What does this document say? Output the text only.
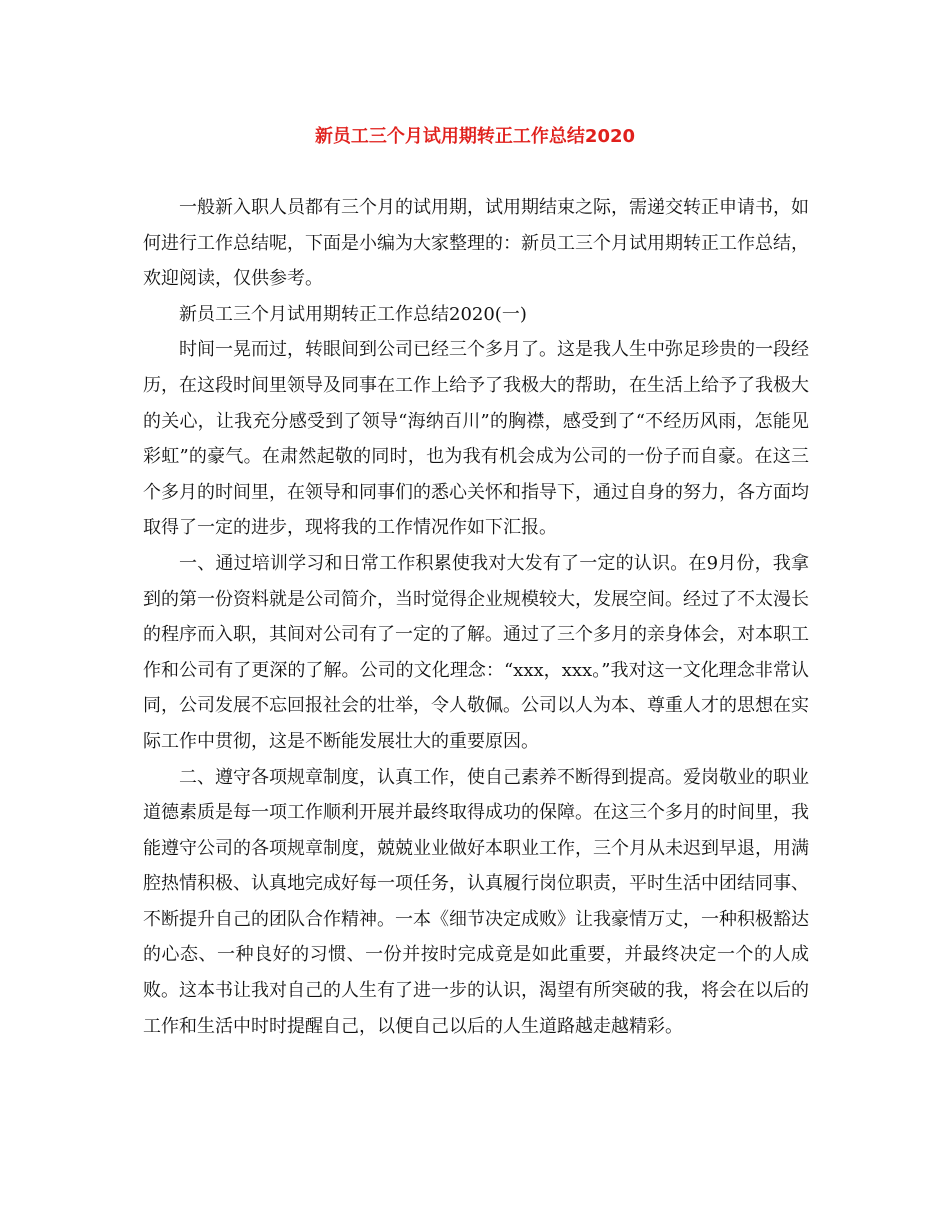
新员工三个月试用期转正工作总结2020

一般新入职人员都有三个月的试用期，试用期结束之际，需递交转正申请书，如何进行工作总结呢，下面是小编为大家整理的：新员工三个月试用期转正工作总结，欢迎阅读，仅供参考。

新员工三个月试用期转正工作总结2020(一)

时间一晃而过，转眼间到公司已经三个多月了。这是我人生中弥足珍贵的一段经历，在这段时间里领导及同事在工作上给予了我极大的帮助，在生活上给予了我极大的关心，让我充分感受到了领导“海纳百川”的胸襟，感受到了“不经历风雨，怎能见彩虹”的豪气。在肃然起敬的同时，也为我有机会成为公司的一份子而自豪。在这三个多月的时间里，在领导和同事们的悉心关怀和指导下，通过自身的努力，各方面均取得了一定的进步，现将我的工作情况作如下汇报。

一、通过培训学习和日常工作积累使我对大发有了一定的认识。在9月份，我拿到的第一份资料就是公司简介，当时觉得企业规模较大，发展空间。经过了不太漫长的程序而入职，其间对公司有了一定的了解。通过了三个多月的亲身体会，对本职工作和公司有了更深的了解。公司的文化理念：“xxx，xxx。”我对这一文化理念非常认同，公司发展不忘回报社会的壮举，令人敬佩。公司以人为本、尊重人才的思想在实际工作中贯彻，这是不断能发展壮大的重要原因。

二、遵守各项规章制度，认真工作，使自己素养不断得到提高。爱岗敬业的职业道德素质是每一项工作顺利开展并最终取得成功的保障。在这三个多月的时间里，我能遵守公司的各项规章制度，兢兢业业做好本职业工作，三个月从未迟到早退，用满腔热情积极、认真地完成好每一项任务，认真履行岗位职责，平时生活中团结同事、不断提升自己的团队合作精神。一本《细节决定成败》让我豪情万丈，一种积极豁达的心态、一种良好的习惯、一份并按时完成竟是如此重要，并最终决定一个的人成败。这本书让我对自己的人生有了进一步的认识，渴望有所突破的我，将会在以后的工作和生活中时时提醒自己，以便自己以后的人生道路越走越精彩。
